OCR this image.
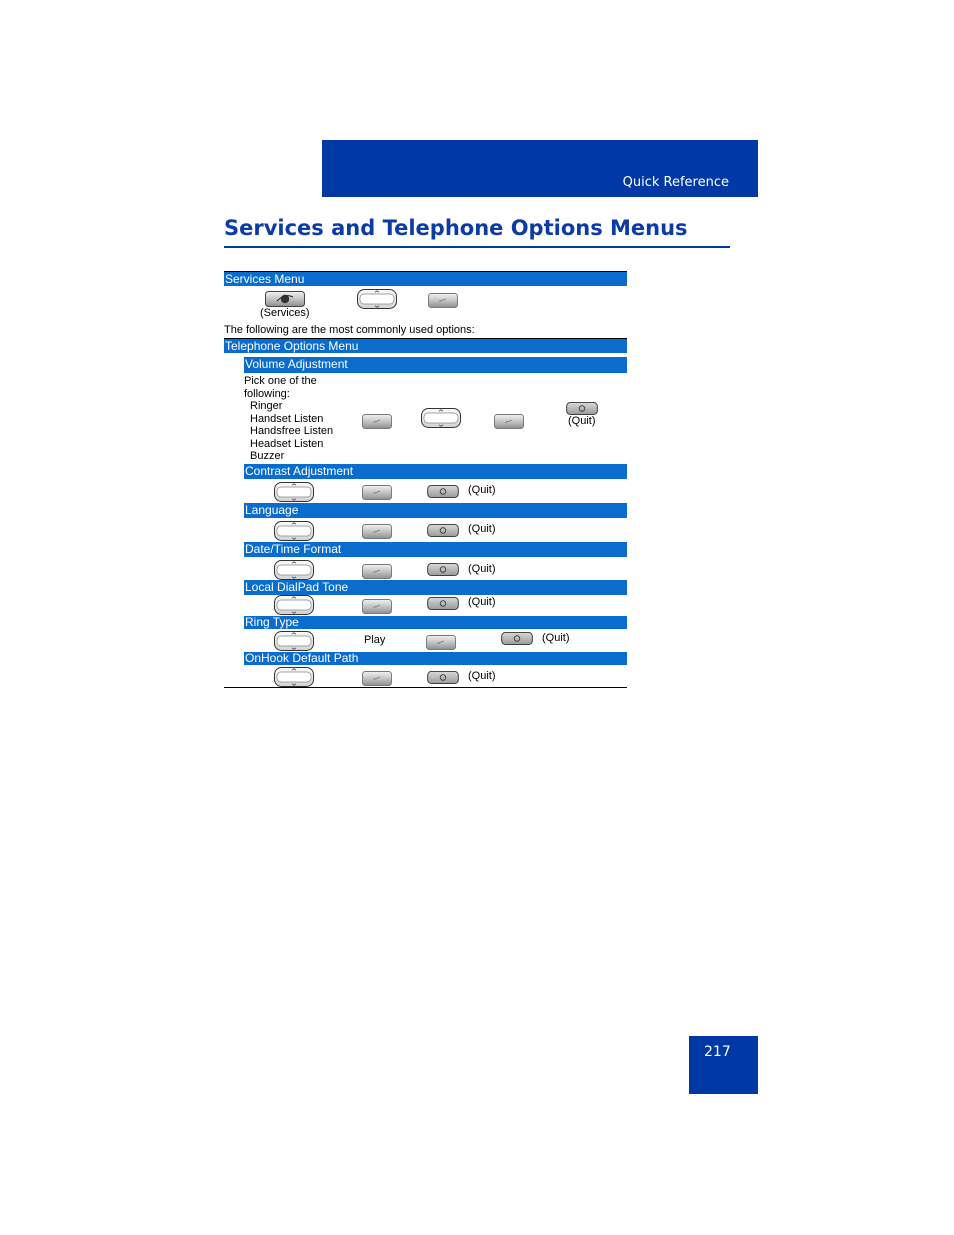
Quick Reference
Services and Telephone Options Menus
Services Menu
(Services)
The following are the most commonly used options:
Telephone Options Menu
Volume Adjustment
Pick one of the
following:
Ringer
Handset Listen
Handsfree Listen
Headset Listen
Buzzer
(Quit)
Contrast Adjustment
(Quit)
Language
(Quit)
Date/Time Format
(Quit)
Local DialPad Tone
(Quit)
Ring Type
Play	(Quit)
OnHook Default Path
(Quit)
217
